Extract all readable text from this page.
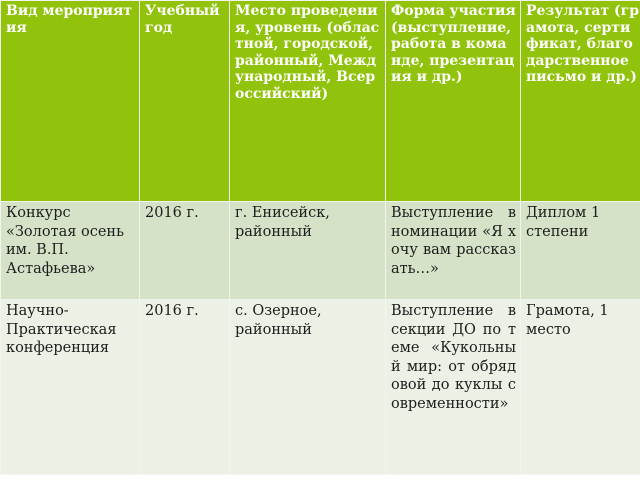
Вид мероприятия	Учебный год	Место проведения, уровень (областной, городской, районный, Международный, Всероссийский)	Форма участия (выступление, работа в команде, презентация и др.)	Результат (грамота, сертификат, благодарственное письмо и др.)
Конкурс «Золотая осень им. В.П. Астафьева»	2016 г.	г. Енисейск, районный	Выступление в номинации «Я хочу вам рассказать…»	Диплом 1 степени
Научно-Практическая конференция	2016 г.	с. Озерное, районный	Выступление в секции ДО по теме «Кукольный мир: от обрядовой до куклы современности»	Грамота, 1 место
